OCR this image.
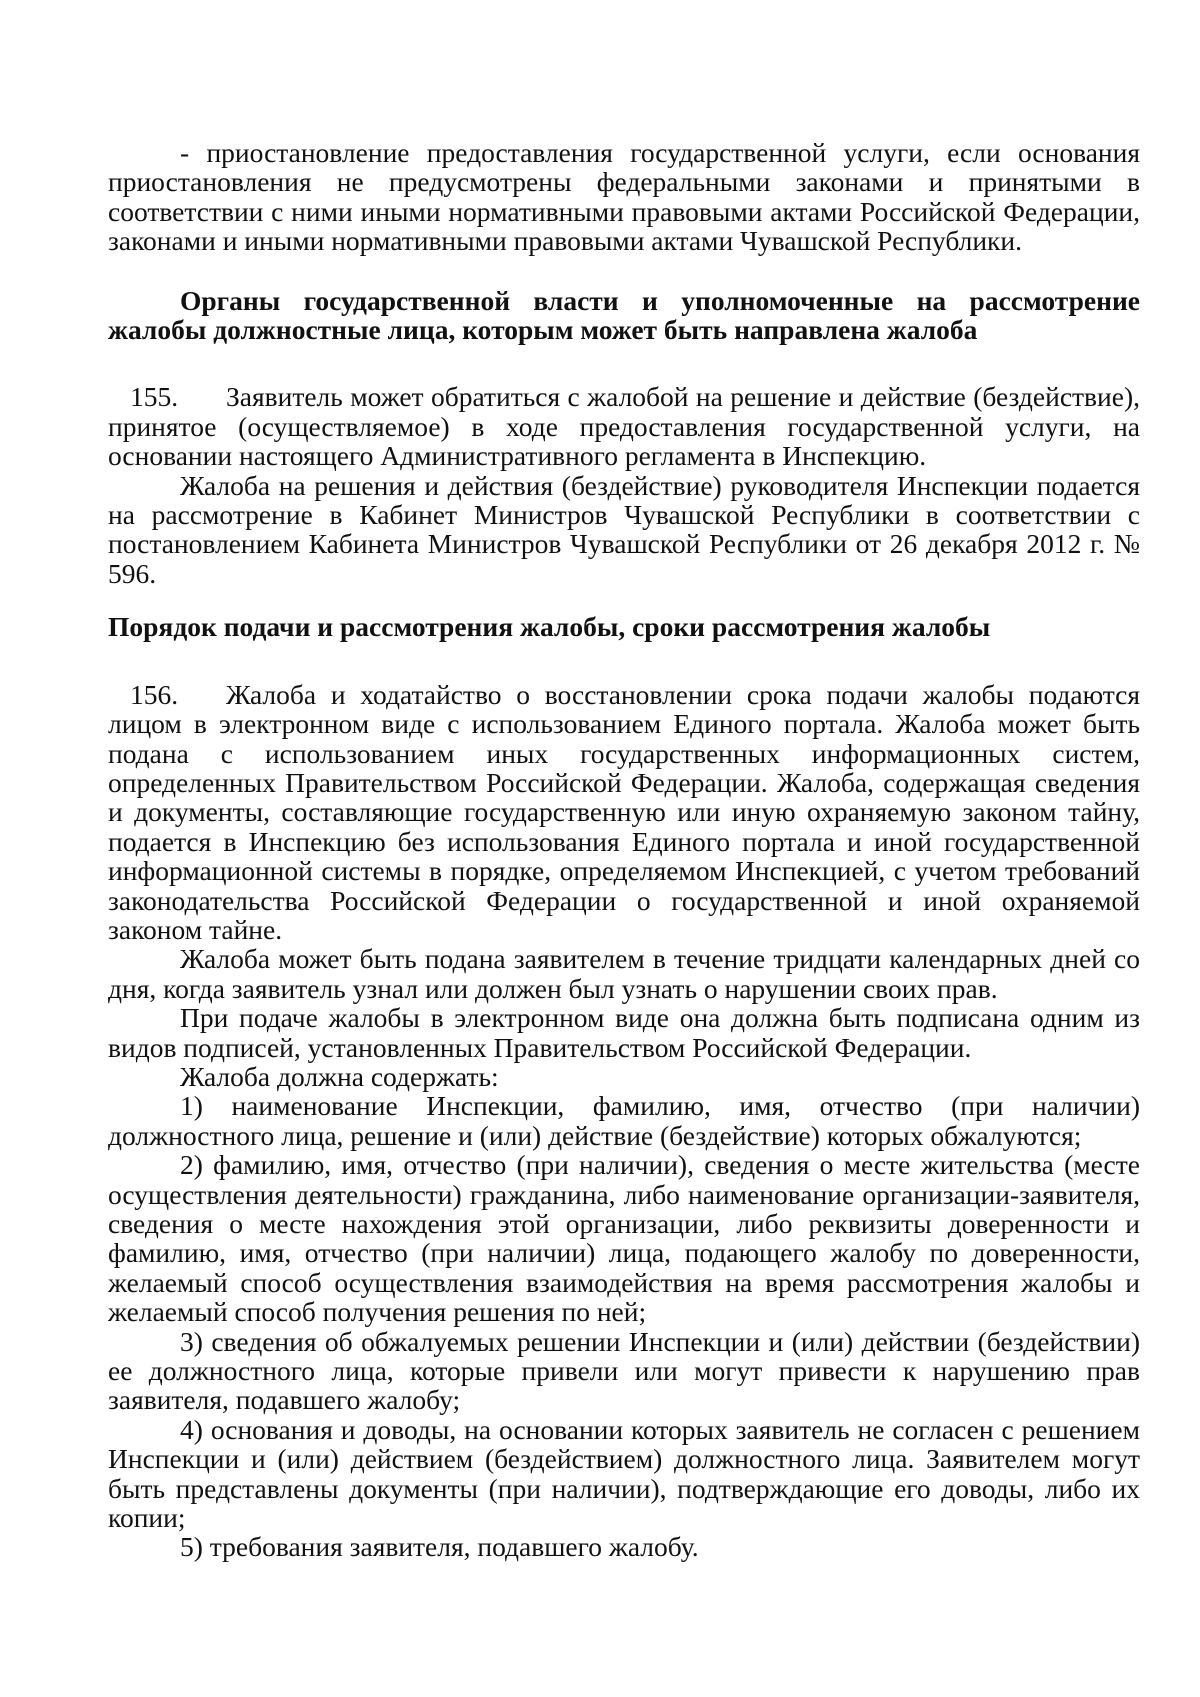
- приостановление предоставления государственной услуги, если основания приостановления не предусмотрены федеральными законами и принятыми в соответствии с ними иными нормативными правовыми актами Российской Федерации, законами и иными нормативными правовыми актами Чувашской Республики.

Органы государственной власти и уполномоченные на рассмотрение жалобы должностные лица, которым может быть направлена жалоба

155. Заявитель может обратиться с жалобой на решение и действие (бездействие), принятое (осуществляемое) в ходе предоставления государственной услуги, на основании настоящего Административного регламента в Инспекцию.

Жалоба на решения и действия (бездействие) руководителя Инспекции подается на рассмотрение в Кабинет Министров Чувашской Республики в соответствии с постановлением Кабинета Министров Чувашской Республики от 26 декабря 2012 г. № 596.

Порядок подачи и рассмотрения жалобы, сроки рассмотрения жалобы

156. Жалоба и ходатайство о восстановлении срока подачи жалобы подаются лицом в электронном виде с использованием Единого портала. Жалоба может быть подана с использованием иных государственных информационных систем, определенных Правительством Российской Федерации. Жалоба, содержащая сведения и документы, составляющие государственную или иную охраняемую законом тайну, подается в Инспекцию без использования Единого портала и иной государственной информационной системы в порядке, определяемом Инспекцией, с учетом требований законодательства Российской Федерации о государственной и иной охраняемой законом тайне.

Жалоба может быть подана заявителем в течение тридцати календарных дней со дня, когда заявитель узнал или должен был узнать о нарушении своих прав.

При подаче жалобы в электронном виде она должна быть подписана одним из видов подписей, установленных Правительством Российской Федерации.

Жалоба должна содержать:

1) наименование Инспекции, фамилию, имя, отчество (при наличии) должностного лица, решение и (или) действие (бездействие) которых обжалуются;

2) фамилию, имя, отчество (при наличии), сведения о месте жительства (месте осуществления деятельности) гражданина, либо наименование организации-заявителя, сведения о месте нахождения этой организации, либо реквизиты доверенности и фамилию, имя, отчество (при наличии) лица, подающего жалобу по доверенности, желаемый способ осуществления взаимодействия на время рассмотрения жалобы и желаемый способ получения решения по ней;

3) сведения об обжалуемых решении Инспекции и (или) действии (бездействии) ее должностного лица, которые привели или могут привести к нарушению прав заявителя, подавшего жалобу;

4) основания и доводы, на основании которых заявитель не согласен с решением Инспекции и (или) действием (бездействием) должностного лица. Заявителем могут быть представлены документы (при наличии), подтверждающие его доводы, либо их копии;

5) требования заявителя, подавшего жалобу.
